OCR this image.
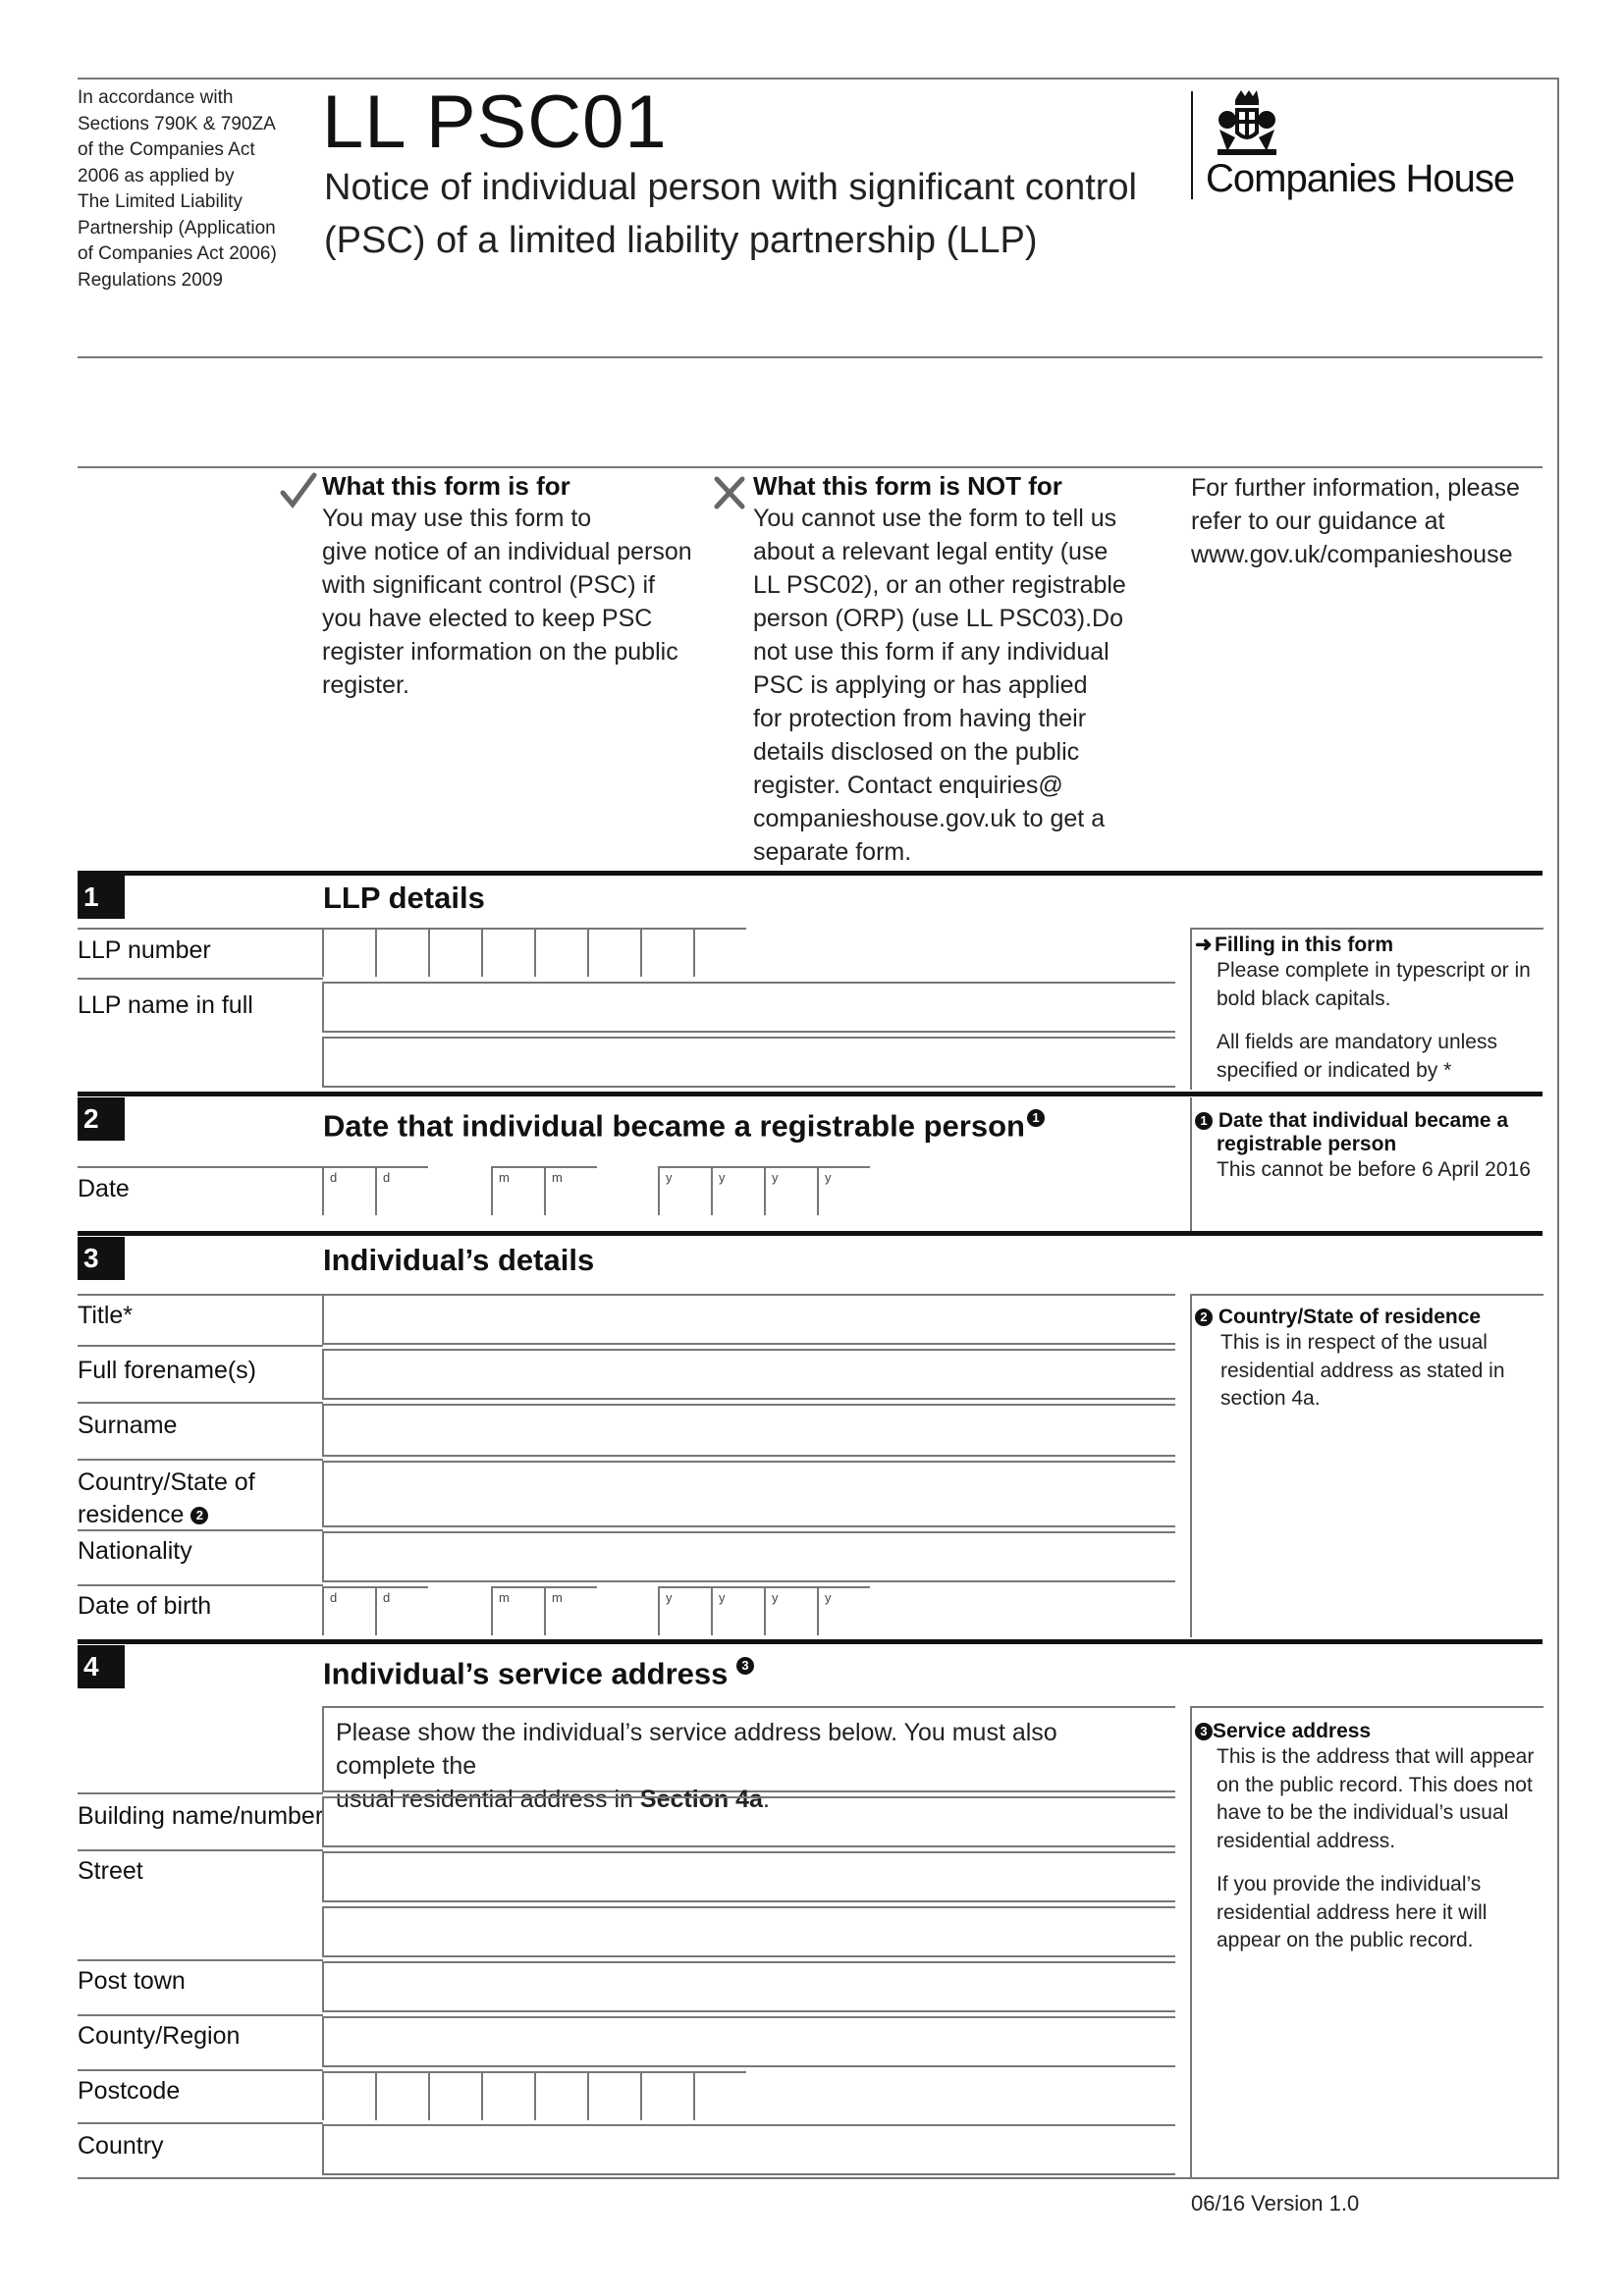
In accordance with
Sections 790K & 790ZA
of the Companies Act
2006 as applied by
The Limited Liability
Partnership (Application
of Companies Act 2006)
Regulations 2009
LL PSC01
Notice of individual person with significant control
(PSC) of a limited liability partnership (LLP)
Companies House
What this form is for
You may use this form to
give notice of an individual person
with significant control (PSC) if
you have elected to keep PSC
register information on the public
register.
What this form is NOT for
You cannot use the form to tell us
about a relevant legal entity (use
LL PSC02), or an other registrable
person (ORP) (use LL PSC03).Do
not use this form if any individual
PSC is applying or has applied
for protection from having their
details disclosed on the public
register. Contact enquiries@
companieshouse.gov.uk to get a
separate form.
For further information, please
refer to our guidance at
www.gov.uk/companieshouse
1	LLP details
LLP number
LLP name in full
➜ Filling in this form
Please complete in typescript or in
bold black capitals.
All fields are mandatory unless
specified or indicated by *
2	Date that individual became a registrable person $^1$
Date	d	d	m	m	y	y	y	y
1 Date that individual became a
registrable person
This cannot be before 6 April 2016
3	Individual’s details
Title*
Full forename(s)
Surname
Country/State of
residence 2
Nationality
Date of birth	d	d	m	m	y	y	y	y
2 Country/State of residence
This is in respect of the usual
residential address as stated in
section 4a.
4	Individual’s service address $^3$
Please show the individual’s service address below. You must also complete the
usual residential address in Section 4a.
Building name/number
Street
Post town
County/Region
Postcode
Country
3 Service address
This is the address that will appear
on the public record. This does not
have to be the individual’s usual
residential address.
If you provide the individual’s
residential address here it will
appear on the public record.
06/16 Version 1.0
